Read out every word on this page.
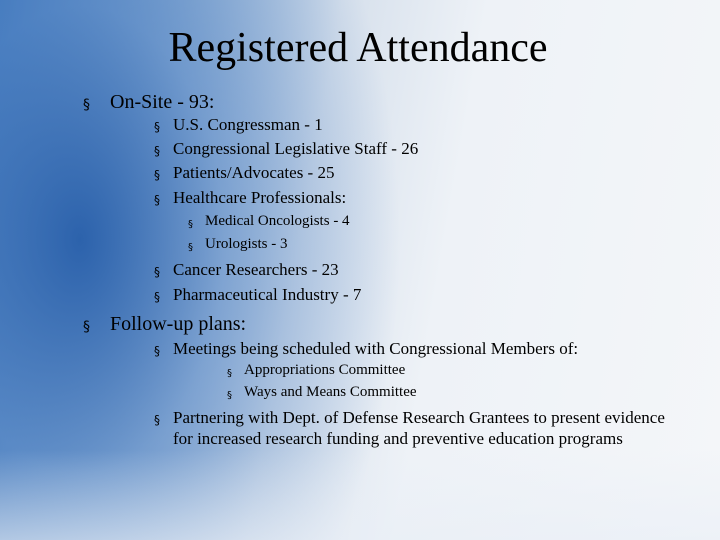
Registered Attendance
§ On-Site - 93:
§ U.S. Congressman - 1
§ Congressional Legislative Staff - 26
§ Patients/Advocates - 25
§ Healthcare Professionals:
§ Medical Oncologists - 4
§ Urologists - 3
§ Cancer Researchers - 23
§ Pharmaceutical Industry - 7
§ Follow-up plans:
§ Meetings being scheduled with Congressional Members of:
§ Appropriations Committee
§ Ways and Means Committee
§ Partnering with Dept. of Defense Research Grantees to present evidence for increased research funding and preventive education programs
